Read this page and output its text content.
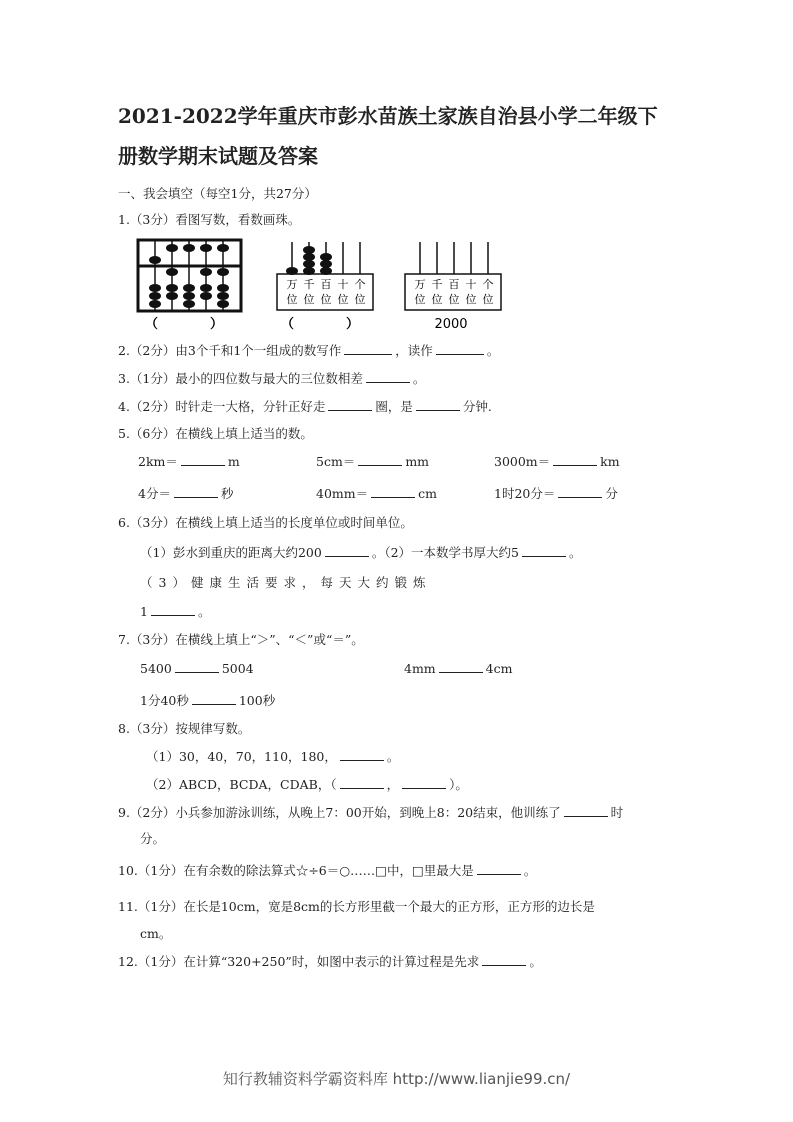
2021-2022学年重庆市彭水苗族土家族自治县小学二年级下
册数学期末试题及答案
一、我会填空（每空1分，共27分）
1.（3分）看图写数，看数画珠。
（　　　　）
万 千 百 十 个
位 位 位 位 位
（　　　　）
万 千 百 十 个
位 位 位 位 位
2000
2.（2分）由3个千和1个一组成的数写作	，读作	。
3.（1分）最小的四位数与最大的三位数相差	。
4.（2分）时针走一大格，分针正好走	圈，是	分钟.
5.（6分）在横线上填上适当的数。
2km＝	m	5cm＝	mm	3000m＝	km
4分＝	秒	40mm＝	cm	1时20分＝	分
6.（3分）在横线上填上适当的长度单位或时间单位。
（1）彭水到重庆的距离大约200	。（2）一本数学书厚大约5	。
（3）健康生活要求，每天大约锻炼
1	。
7.（3分）在横线上填上“＞”、“＜”或“＝”。
5400	5004	4mm	4cm
1分40秒	100秒
8.（3分）按规律写数。
（1）30，40，70，110，180，	。
（2）ABCD，BCDA，CDAB，（	，	）。
9.（2分）小兵参加游泳训练，从晚上7：00开始，到晚上8：20结束，他训练了	时
分。
10.（1分）在有余数的除法算式☆÷6＝○……□中，□里最大是	。
11.（1分）在长是10cm，宽是8cm的长方形里截一个最大的正方形，正方形的边长是
cm。
12.（1分）在计算“320+250”时，如图中表示的计算过程是先求	。
知行教辅资料学霸资料库 http://www.lianjie99.cn/
